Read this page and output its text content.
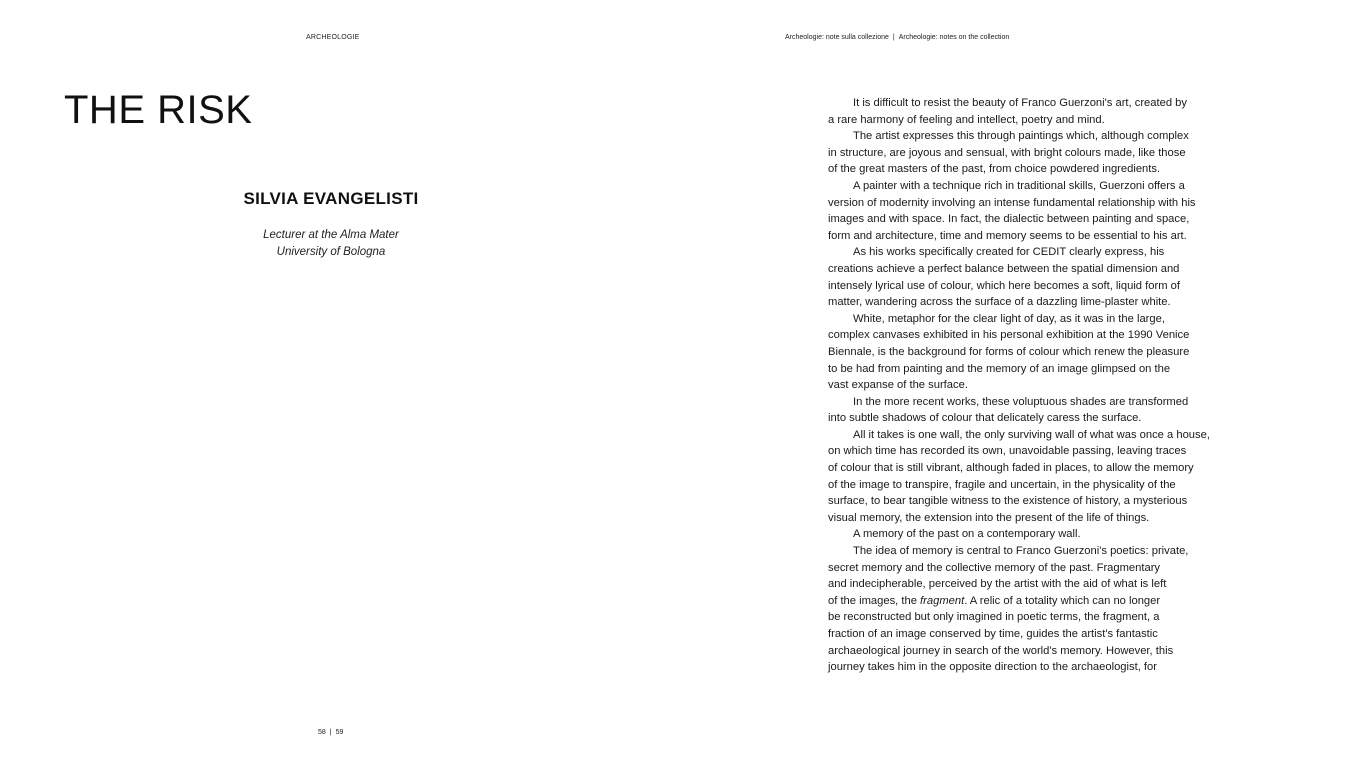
ARCHEOLOGIE	Archeologie: note sulla collezione | Archeologie: notes on the collection
THE RISK
SILVIA EVANGELISTI
Lecturer at the Alma Mater
University of Bologna

It is difficult to resist the beauty of Franco Guerzoni's art, created by

a rare harmony of feeling and intellect, poetry and mind.

The artist expresses this through paintings which, although complex

in structure, are joyous and sensual, with bright colours made, like those
of the great masters of the past, from choice powdered ingredients.

A painter with a technique rich in traditional skills, Guerzoni offers a

version of modernity involving an intense fundamental relationship with his
images and with space. In fact, the dialectic between painting and space,
form and architecture, time and memory seems to be essential to his art.

As his works specifically created for CEDIT clearly express, his

creations achieve a perfect balance between the spatial dimension and
intensely lyrical use of colour, which here becomes a soft, liquid form of
matter, wandering across the surface of a dazzling lime-plaster white.

White, metaphor for the clear light of day, as it was in the large,

complex canvases exhibited in his personal exhibition at the 1990 Venice
Biennale, is the background for forms of colour which renew the pleasure
to be had from painting and the memory of an image glimpsed on the
vast expanse of the surface.

In the more recent works, these voluptuous shades are transformed

into subtle shadows of colour that delicately caress the surface.

All it takes is one wall, the only surviving wall of what was once a house,

on which time has recorded its own, unavoidable passing, leaving traces
of colour that is still vibrant, although faded in places, to allow the memory
of the image to transpire, fragile and uncertain, in the physicality of the
surface, to bear tangible witness to the existence of history, a mysterious
visual memory, the extension into the present of the life of things.

A memory of the past on a contemporary wall.

The idea of memory is central to Franco Guerzoni's poetics: private,

secret memory and the collective memory of the past. Fragmentary
and indecipherable, perceived by the artist with the aid of what is left
of the images, the fragment. A relic of a totality which can no longer
be reconstructed but only imagined in poetic terms, the fragment, a
fraction of an image conserved by time, guides the artist's fantastic
archaeological journey in search of the world's memory. However, this
journey takes him in the opposite direction to the archaeologist, for
58 | 59
